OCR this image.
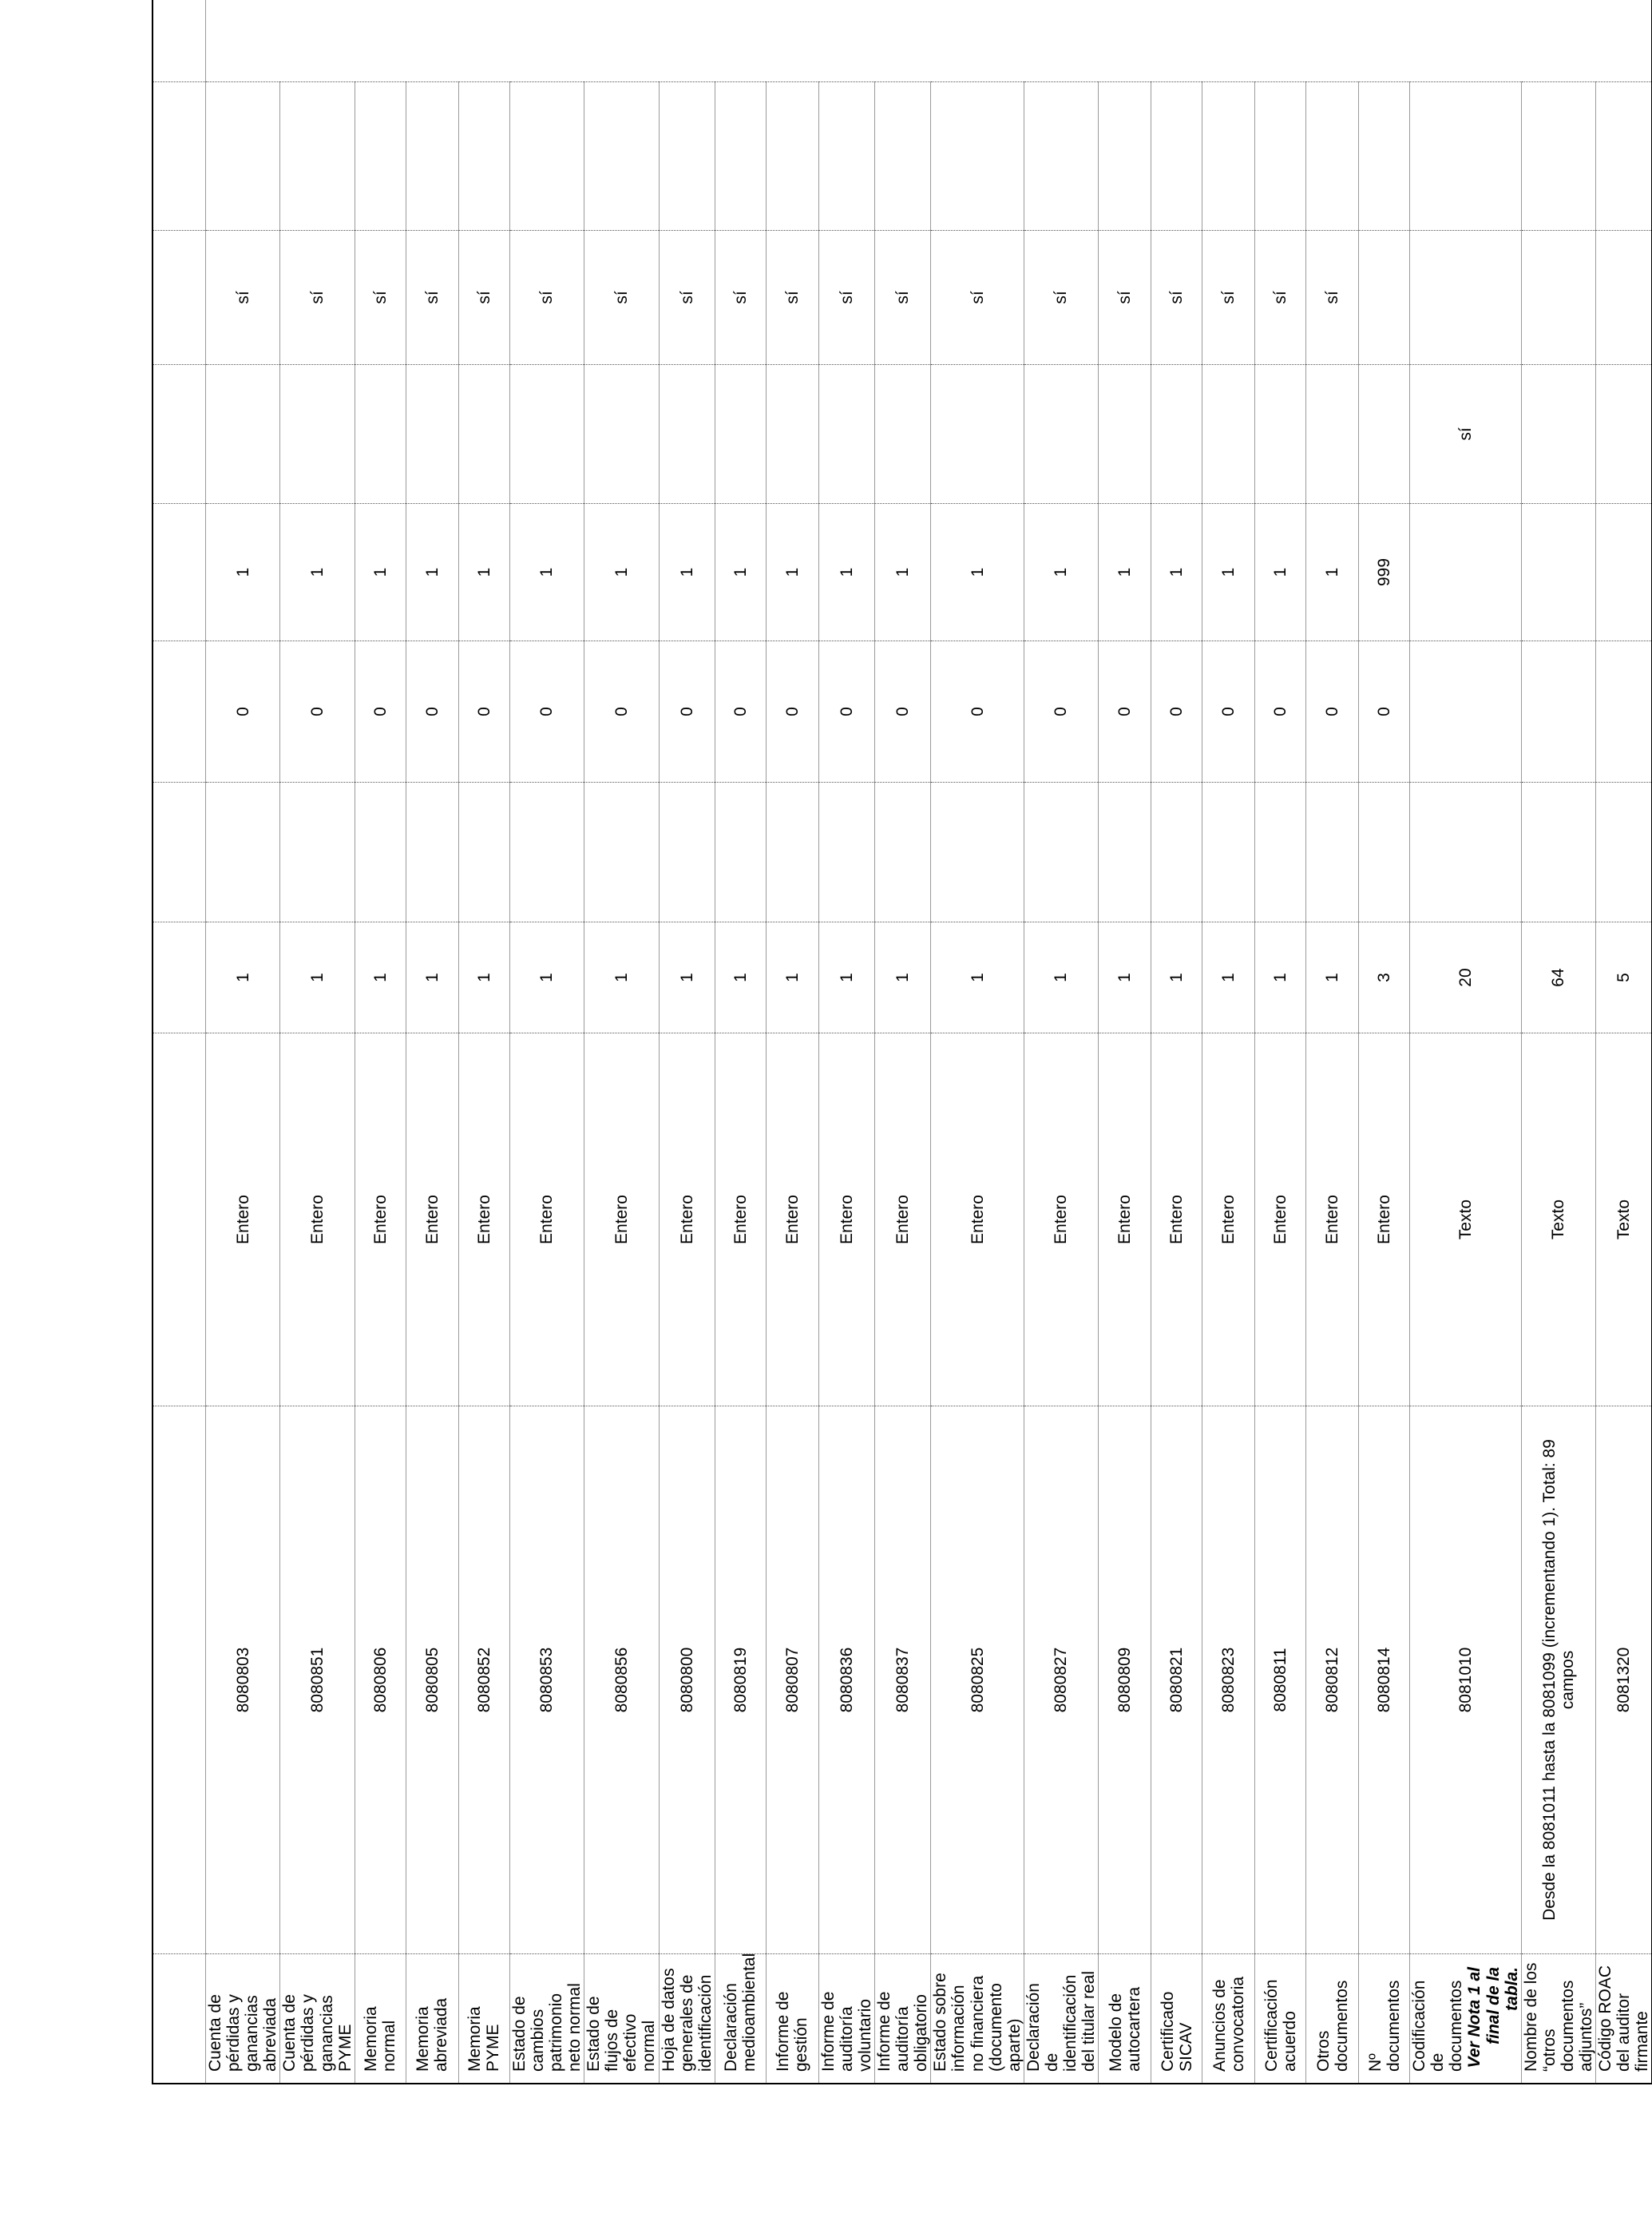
Cuenta de pérdidas y ganancias abreviada	8080803	Entero	1		0	1		sí		
Cuenta de pérdidas y ganancias PYME	8080851	Entero	1		0	1		sí		
Memoria normal	8080806	Entero	1		0	1		sí		
Memoria abreviada	8080805	Entero	1		0	1		sí		
Memoria PYME	8080852	Entero	1		0	1		sí		
Estado de cambios patrimonio neto normal	8080853	Entero	1		0	1		sí		
Estado de flujos de efectivo normal	8080856	Entero	1		0	1		sí		
Hoja de datos generales de identificación	8080800	Entero	1		0	1		sí		
Declaración medioambiental	8080819	Entero	1		0	1		sí		
Informe de gestión	8080807	Entero	1		0	1		sí		
Informe de auditoría voluntario	8080836	Entero	1		0	1		sí		
Informe de auditoría obligatorio	8080837	Entero	1		0	1		sí		
Estado sobre información no financiera (documento aparte)	8080825	Entero	1		0	1		sí		
Declaración de identificación del titular real	8080827	Entero	1		0	1		sí		
Modelo de autocartera	8080809	Entero	1		0	1		sí		
Certificado SICAV	8080821	Entero	1		0	1		sí		
Anuncios de convocatoria	8080823	Entero	1		0	1		sí		
Certificación acuerdo	8080811	Entero	1		0	1		sí		
Otros documentos	8080812	Entero	1		0	1		sí		
Nº documentos	8080814	Entero	3		0	999				
Codificación de documentos Ver Nota 1 al final de la tabla.	8081010	Texto	20				sí			
Nombre de los “otros documentos adjuntos”	Desde la 8081011 hasta la 8081099 (incrementando 1). Total: 89 campos	Texto	64							
Código ROAC del auditor firmante	8081320	Texto	5							
